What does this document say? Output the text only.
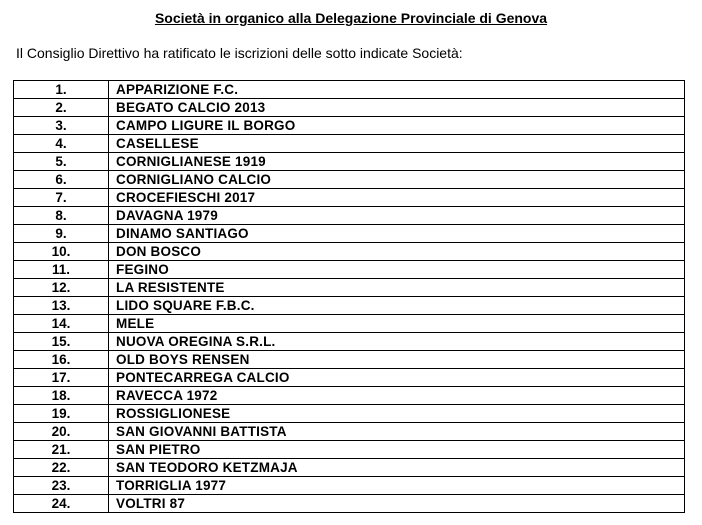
Società in organico alla Delegazione Provinciale di Genova
Il Consiglio Direttivo ha ratificato le iscrizioni delle sotto indicate Società:
1.	APPARIZIONE F.C.
2.	BEGATO CALCIO 2013
3.	CAMPO LIGURE IL BORGO
4.	CASELLESE
5.	CORNIGLIANESE 1919
6.	CORNIGLIANO CALCIO
7.	CROCEFIESCHI 2017
8.	DAVAGNA 1979
9.	DINAMO SANTIAGO
10.	DON BOSCO
11.	FEGINO
12.	LA RESISTENTE
13.	LIDO SQUARE F.B.C.
14.	MELE
15.	NUOVA OREGINA S.R.L.
16.	OLD BOYS RENSEN
17.	PONTECARREGA CALCIO
18.	RAVECCA 1972
19.	ROSSIGLIONESE
20.	SAN GIOVANNI BATTISTA
21.	SAN PIETRO
22.	SAN TEODORO KETZMAJA
23.	TORRIGLIA 1977
24.	VOLTRI 87
